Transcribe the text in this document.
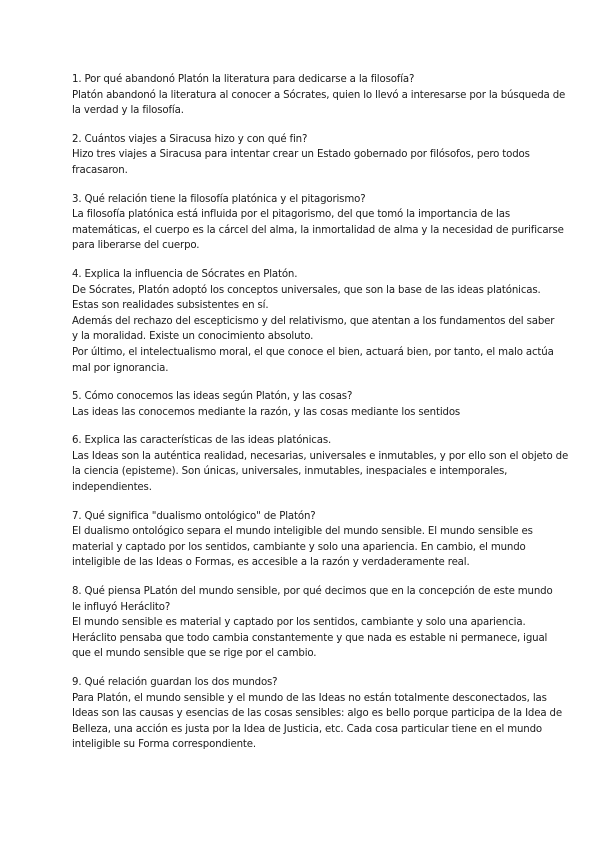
1. Por qué abandonó Platón la literatura para dedicarse a la filosofía?

Platón abandonó la literatura al conocer a Sócrates, quien lo llevó a interesarse por la búsqueda de

la verdad y la filosofía.

2. Cuántos viajes a Siracusa hizo y con qué fin?

Hizo tres viajes a Siracusa para intentar crear un Estado gobernado por filósofos, pero todos

fracasaron.

3. Qué relación tiene la filosofía platónica y el pitagorismo?

La filosofía platónica está influida por el pitagorismo, del que tomó la importancia de las

matemáticas, el cuerpo es la cárcel del alma, la inmortalidad de alma y la necesidad de purificarse

para liberarse del cuerpo.

4. Explica la influencia de Sócrates en Platón.

De Sócrates, Platón adoptó los conceptos universales, que son la base de las ideas platónicas.

Estas son realidades subsistentes en sí.

Además del rechazo del escepticismo y del relativismo, que atentan a los fundamentos del saber

y la moralidad. Existe un conocimiento absoluto.

Por último, el intelectualismo moral, el que conoce el bien, actuará bien, por tanto, el malo actúa

mal por ignorancia.

5. Cómo conocemos las ideas según Platón, y las cosas?

Las ideas las conocemos mediante la razón, y las cosas mediante los sentidos

6. Explica las características de las ideas platónicas.

Las Ideas son la auténtica realidad, necesarias, universales e inmutables, y por ello son el objeto de

la ciencia (episteme). Son únicas, universales, inmutables, inespaciales e intemporales,

independientes.

7. Qué significa "dualismo ontológico" de Platón?

El dualismo ontológico separa el mundo inteligible del mundo sensible. El mundo sensible es

material y captado por los sentidos, cambiante y solo una apariencia. En cambio, el mundo

inteligible de las Ideas o Formas, es accesible a la razón y verdaderamente real.

8. Qué piensa PLatón del mundo sensible, por qué decimos que en la concepción de este mundo

le influyó Heráclito?

El mundo sensible es material y captado por los sentidos, cambiante y solo una apariencia.

Heráclito pensaba que todo cambia constantemente y que nada es estable ni permanece, igual

que el mundo sensible que se rige por el cambio.

9. Qué relación guardan los dos mundos?

Para Platón, el mundo sensible y el mundo de las Ideas no están totalmente desconectados, las

Ideas son las causas y esencias de las cosas sensibles: algo es bello porque participa de la Idea de

Belleza, una acción es justa por la Idea de Justicia, etc. Cada cosa particular tiene en el mundo

inteligible su Forma correspondiente.
